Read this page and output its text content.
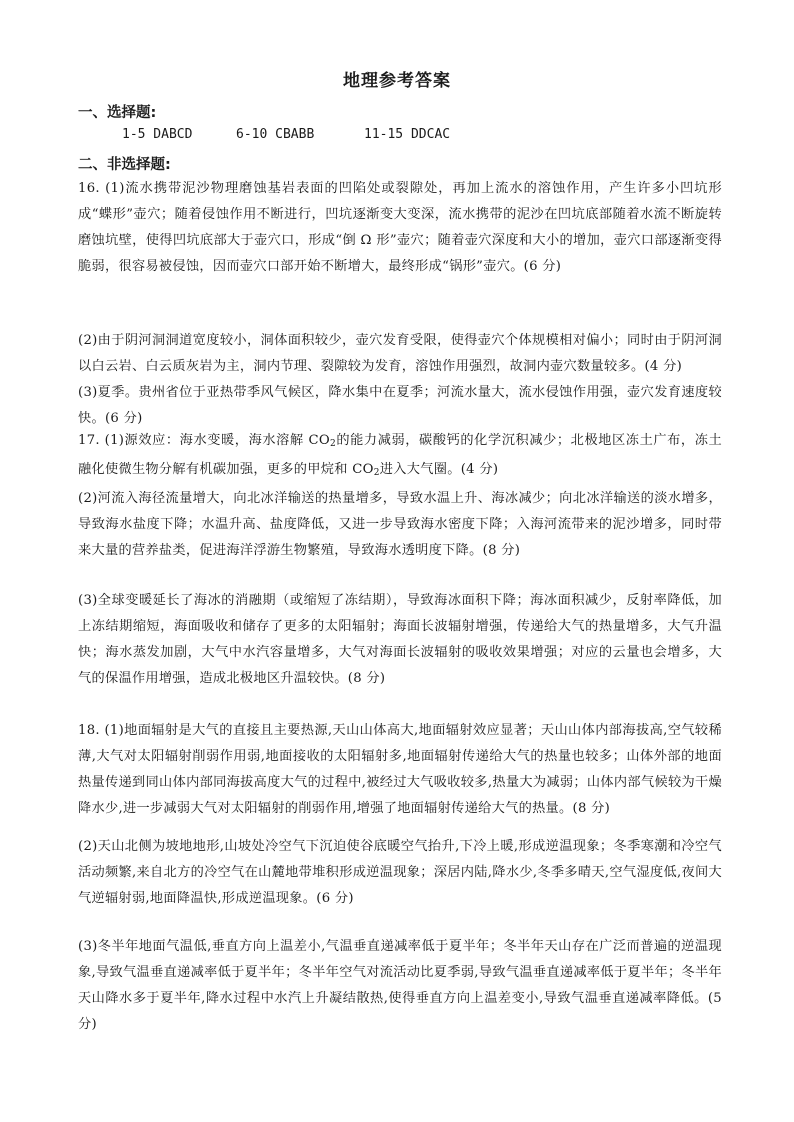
地理参考答案
一、选择题:
1-5 DABCD	6-10 CBABB	11-15 DDCAC
二、非选择题:
16. (1)流水携带泥沙物理磨蚀基岩表面的凹陷处或裂隙处，再加上流水的溶蚀作用，产生许多小凹坑形成“蝶形”壶穴；随着侵蚀作用不断进行，凹坑逐渐变大变深，流水携带的泥沙在凹坑底部随着水流不断旋转磨蚀坑壁，使得凹坑底部大于壶穴口，形成“倒 Ω 形”壶穴；随着壶穴深度和大小的增加，壶穴口部逐渐变得脆弱，很容易被侵蚀，因而壶穴口部开始不断增大，最终形成“锅形”壶穴。(6 分)
(2)由于阴河洞洞道宽度较小，洞体面积较少，壶穴发育受限，使得壶穴个体规模相对偏小；同时由于阴河洞以白云岩、白云质灰岩为主，洞内节理、裂隙较为发育，溶蚀作用强烈，故洞内壶穴数量较多。(4 分)
(3)夏季。贵州省位于亚热带季风气候区，降水集中在夏季；河流水量大，流水侵蚀作用强，壶穴发育速度较快。(6 分)
17. (1)源效应：海水变暖，海水溶解 $CO_2$的能力减弱，碳酸钙的化学沉积减少；北极地区冻土广布，冻土融化使微生物分解有机碳加强，更多的甲烷和 $CO_2$进入大气圈。(4 分)
(2)河流入海径流量增大，向北冰洋输送的热量增多，导致水温上升、海冰减少；向北冰洋输送的淡水增多，导致海水盐度下降；水温升高、盐度降低，又进一步导致海水密度下降；入海河流带来的泥沙增多，同时带来大量的营养盐类，促进海洋浮游生物繁殖，导致海水透明度下降。(8 分)
(3)全球变暖延长了海冰的消融期（或缩短了冻结期），导致海冰面积下降；海冰面积减少，反射率降低，加上冻结期缩短，海面吸收和储存了更多的太阳辐射；海面长波辐射增强，传递给大气的热量增多，大气升温快；海水蒸发加剧，大气中水汽容量增多，大气对海面长波辐射的吸收效果增强；对应的云量也会增多，大气的保温作用增强，造成北极地区升温较快。(8 分)
18. (1)地面辐射是大气的直接且主要热源,天山山体高大,地面辐射效应显著；天山山体内部海拔高,空气较稀薄,大气对太阳辐射削弱作用弱,地面接收的太阳辐射多,地面辐射传递给大气的热量也较多；山体外部的地面热量传递到同山体内部同海拔高度大气的过程中,被经过大气吸收较多,热量大为减弱；山体内部气候较为干燥降水少,进一步减弱大气对太阳辐射的削弱作用,增强了地面辐射传递给大气的热量。(8 分)
(2)天山北侧为坡地地形,山坡处冷空气下沉迫使谷底暖空气抬升,下冷上暖,形成逆温现象；冬季寒潮和冷空气活动频繁,来自北方的冷空气在山麓地带堆积形成逆温现象；深居内陆,降水少,冬季多晴天,空气湿度低,夜间大气逆辐射弱,地面降温快,形成逆温现象。(6 分)
(3)冬半年地面气温低,垂直方向上温差小,气温垂直递减率低于夏半年；冬半年天山存在广泛而普遍的逆温现象,导致气温垂直递减率低于夏半年；冬半年空气对流活动比夏季弱,导致气温垂直递减率低于夏半年；冬半年天山降水多于夏半年,降水过程中水汽上升凝结散热,使得垂直方向上温差变小,导致气温垂直递减率降低。(5 分)
